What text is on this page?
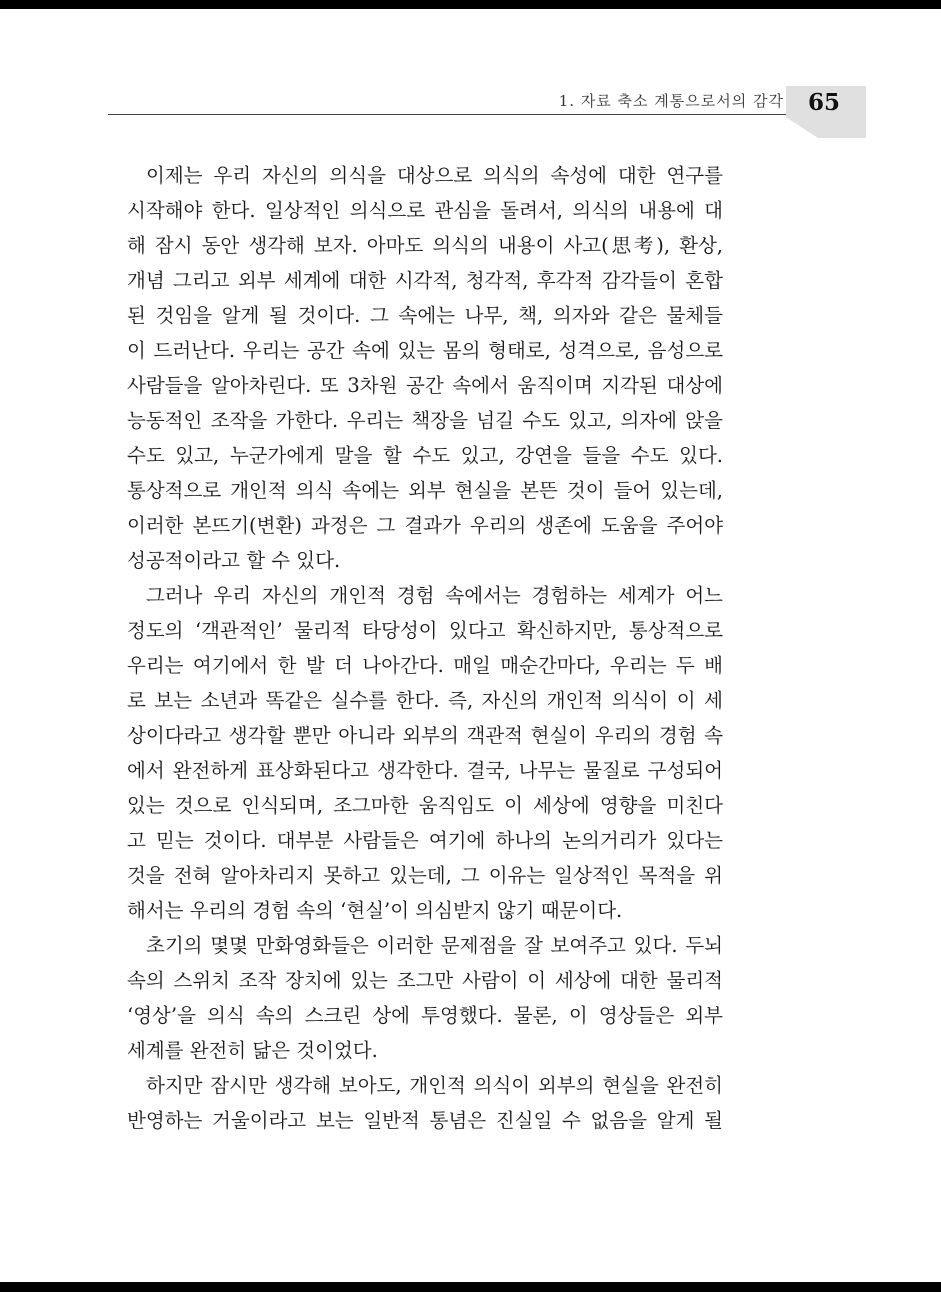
1. 자료 축소 계통으로서의 감각	65
이제는 우리 자신의 의식을 대상으로 의식의 속성에 대한 연구를
시작해야 한다. 일상적인 의식으로 관심을 돌려서, 의식의 내용에 대
해 잠시 동안 생각해 보자. 아마도 의식의 내용이 사고(思考), 환상,
개념 그리고 외부 세계에 대한 시각적, 청각적, 후각적 감각들이 혼합
된 것임을 알게 될 것이다. 그 속에는 나무, 책, 의자와 같은 물체들
이 드러난다. 우리는 공간 속에 있는 몸의 형태로, 성격으로, 음성으로
사람들을 알아차린다. 또 3차원 공간 속에서 움직이며 지각된 대상에
능동적인 조작을 가한다. 우리는 책장을 넘길 수도 있고, 의자에 앉을
수도 있고, 누군가에게 말을 할 수도 있고, 강연을 들을 수도 있다.
통상적으로 개인적 의식 속에는 외부 현실을 본뜬 것이 들어 있는데,
이러한 본뜨기(변환) 과정은 그 결과가 우리의 생존에 도움을 주어야
성공적이라고 할 수 있다.
그러나 우리 자신의 개인적 경험 속에서는 경험하는 세계가 어느
정도의 ‘객관적인’ 물리적 타당성이 있다고 확신하지만, 통상적으로
우리는 여기에서 한 발 더 나아간다. 매일 매순간마다, 우리는 두 배
로 보는 소년과 똑같은 실수를 한다. 즉, 자신의 개인적 의식이 이 세
상이다라고 생각할 뿐만 아니라 외부의 객관적 현실이 우리의 경험 속
에서 완전하게 표상화된다고 생각한다. 결국, 나무는 물질로 구성되어
있는 것으로 인식되며, 조그마한 움직임도 이 세상에 영향을 미친다
고 믿는 것이다. 대부분 사람들은 여기에 하나의 논의거리가 있다는
것을 전혀 알아차리지 못하고 있는데, 그 이유는 일상적인 목적을 위
해서는 우리의 경험 속의 ‘현실’이 의심받지 않기 때문이다.
초기의 몇몇 만화영화들은 이러한 문제점을 잘 보여주고 있다. 두뇌
속의 스위치 조작 장치에 있는 조그만 사람이 이 세상에 대한 물리적
‘영상’을 의식 속의 스크린 상에 투영했다. 물론, 이 영상들은 외부
세계를 완전히 닮은 것이었다.
하지만 잠시만 생각해 보아도, 개인적 의식이 외부의 현실을 완전히
반영하는 거울이라고 보는 일반적 통념은 진실일 수 없음을 알게 될
